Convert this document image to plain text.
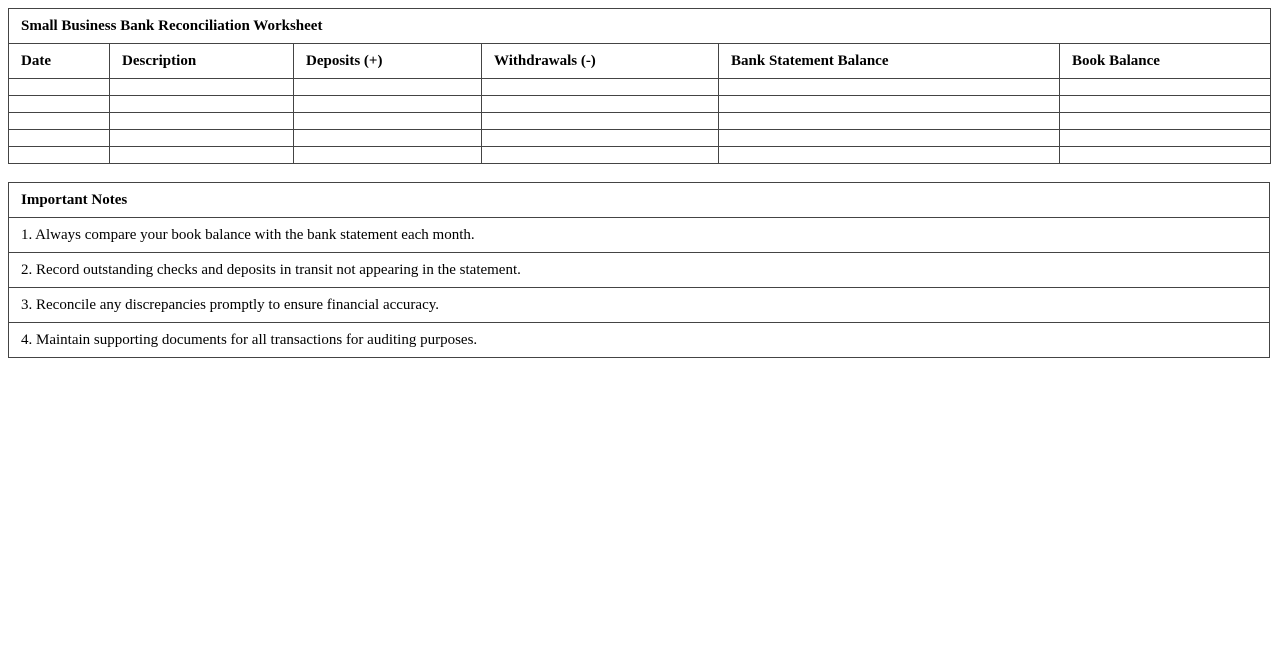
Small Business Bank Reconciliation Worksheet					
Date	Description	Deposits (+)	Withdrawals (-)	Bank Statement Balance	Book Balance

Important Notes
1. Always compare your book balance with the bank statement each month.
2. Record outstanding checks and deposits in transit not appearing in the statement.
3. Reconcile any discrepancies promptly to ensure financial accuracy.
4. Maintain supporting documents for all transactions for auditing purposes.
